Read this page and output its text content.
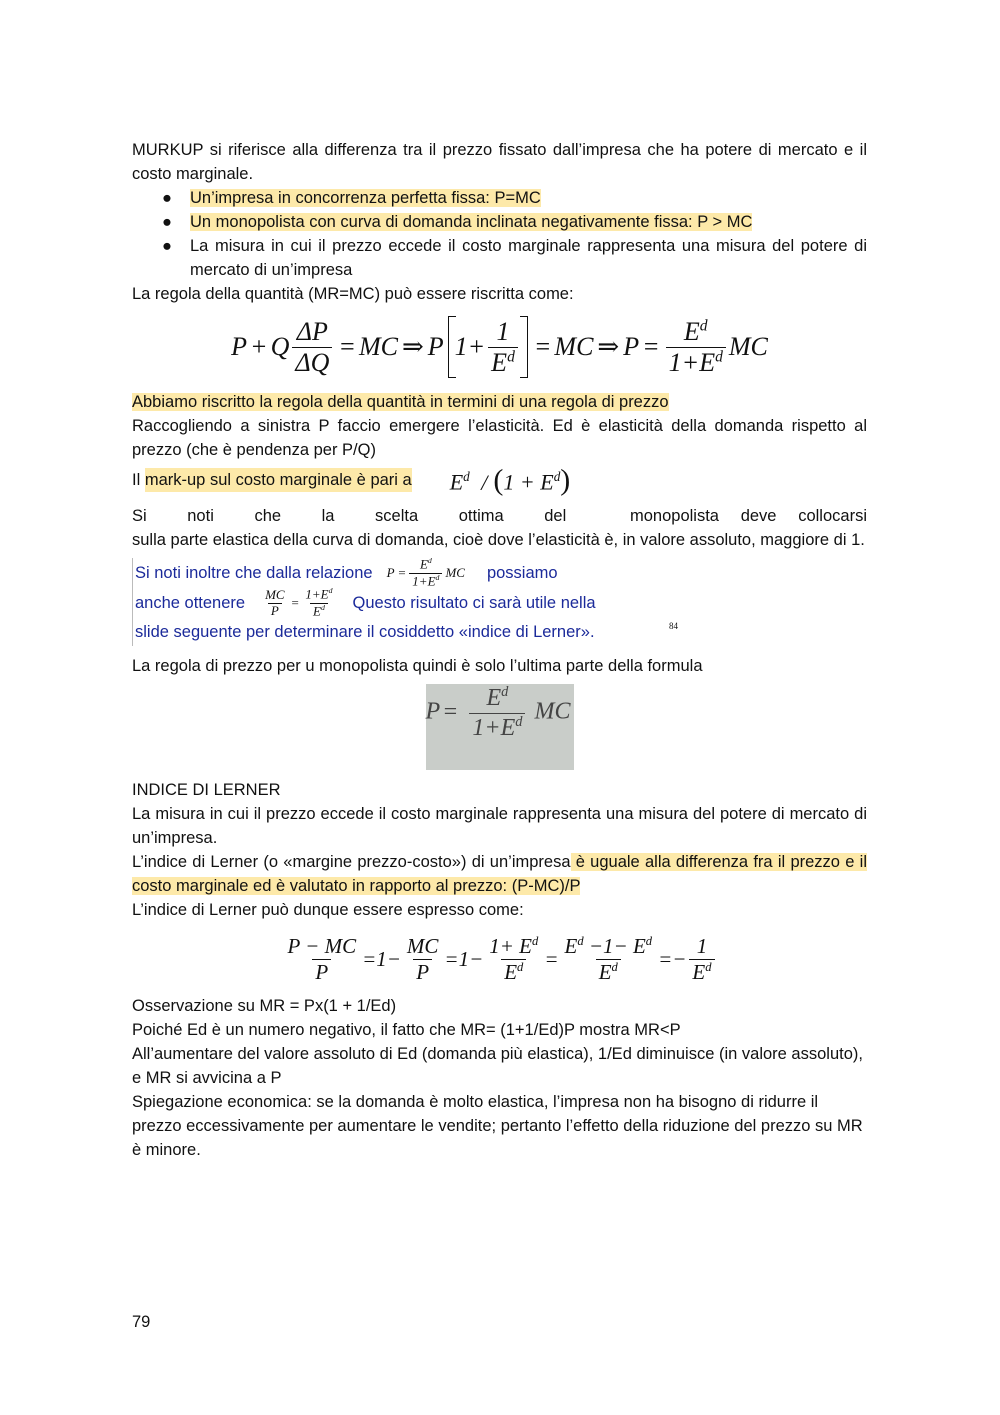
MURKUP si riferisce alla differenza tra il prezzo fissato dall’impresa che ha potere di mercato e il costo marginale.

● Un’impresa in concorrenza perfetta fissa: P=MC
● Un monopolista con curva di domanda inclinata negativamente fissa: P > MC
● La misura in cui il prezzo eccede il costo marginale rappresenta una misura del potere di mercato di un’impresa

La regola della quantità (MR=MC) può essere riscritta come:

P + Q $\frac{\Delta P}{\Delta Q}$ = MC ⇒ P $1+ \frac{1}{E^d}$ = MC ⇒ $P = \frac{E^d}{1+E^d}$ MC

Abbiamo riscritto la regola della quantità in termini di una regola di prezzo

Raccogliendo a sinistra P faccio emergere l’elasticità. Ed è elasticità della domanda rispetto al prezzo (che è pendenza per P/Q)

Il mark-up sul costo marginale è pari a $E^d / (1 + E^d)$
Si noti che la scelta ottima del	monopolista deve collocarsi sulla parte elastica della curva di domanda, cioè dove l’elasticità è, in valore assoluto, maggiore di 1.

Si noti inoltre che dalla relazione $P = \frac{E^d}{1+E^d}$ MC possiamo
anche ottenere $\frac{MC}{P} = \frac{1+E^d}{E^d}$ Questo risultato ci sarà utile nella
slide seguente per determinare il cosiddetto «indice di Lerner».	84

La regola di prezzo per u monopolista quindi è solo l’ultima parte della formula

$P= \frac{E^d}{1+E^d}$ MC

INDICE DI LERNER

La misura in cui il prezzo eccede il costo marginale rappresenta una misura del potere di mercato di un’impresa.

L’indice di Lerner (o «margine prezzo-costo») di un’impresa è uguale alla differenza fra il prezzo e il costo marginale ed è valutato in rapporto al prezzo: (P-MC)/P

L’indice di Lerner può dunque essere espresso come:

$\frac{P - MC}{P} = 1 - \frac{MC}{P} = 1 - \frac{1+ E^d}{E^d} = \frac{E^d -1- E^d}{E^d}$ = − $\frac{1}{E^d}$

Osservazione su MR = Px(1 + 1/Ed)

Poiché Ed è un numero negativo, il fatto che MR= (1+1/Ed)P mostra MR<P

All’aumentare del valore assoluto di Ed (domanda più elastica), 1/Ed diminuisce (in valore assoluto), e MR si avvicina a P

Spiegazione economica: se la domanda è molto elastica, l’impresa non ha bisogno di ridurre il prezzo eccessivamente per aumentare le vendite; pertanto l’effetto della riduzione del prezzo su MR è minore.

79
